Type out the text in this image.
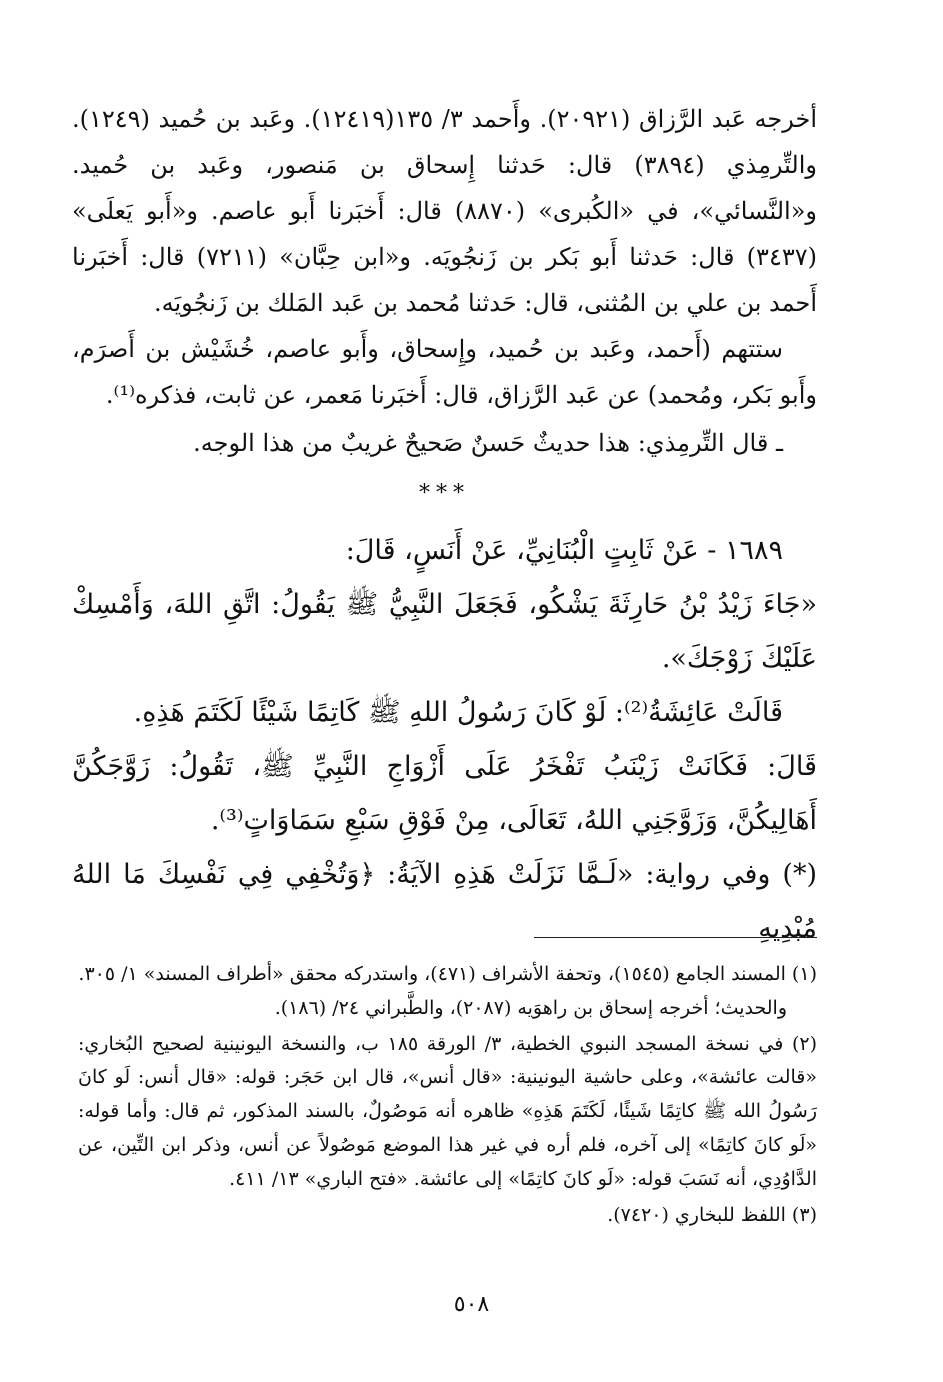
أخرجه عَبد الرَّزاق (٢٠٩٢١). وأَحمد ٣/ ١٣٥(١٢٤١٩). وعَبد بن حُميد (١٢٤٩). والتِّرمِذي (٣٨٩٤) قال: حَدثنا إِسحاق بن مَنصور، وعَبد بن حُميد. و«النَّسائي»، في «الكُبرى» (٨٨٧٠) قال: أَخبَرنا أَبو عاصم. و«أَبو يَعلَى» (٣٤٣٧) قال: حَدثنا أَبو بَكر بن زَنجُويَه. و«ابن حِبَّان» (٧٢١١) قال: أَخبَرنا أَحمد بن علي بن المُثنى، قال: حَدثنا مُحمد بن عَبد المَلك بن زَنجُويَه.

ستتهم (أَحمد، وعَبد بن حُميد، وإِسحاق، وأَبو عاصم، خُشَيْش بن أَصرَم، وأَبو بَكر، ومُحمد) عن عَبد الرَّزاق، قال: أَخبَرنا مَعمر، عن ثابت، فذكره⁽¹⁾.

ـ قال التِّرمِذي: هذا حديثٌ حَسنٌ صَحيحٌ غريبٌ من هذا الوجه.

***

١٦٨٩ - عَنْ ثَابِتٍ الْبُنَانِيِّ، عَنْ أَنَسٍ، قَالَ:

«جَاءَ زَيْدُ بْنُ حَارِثَةَ يَشْكُو، فَجَعَلَ النَّبِيُّ ﷺ يَقُولُ: اتَّقِ اللهَ، وَأَمْسِكْ عَلَيْكَ زَوْجَكَ».

قَالَتْ عَائِشَةُ⁽²⁾: لَوْ كَانَ رَسُولُ اللهِ ﷺ كَاتِمًا شَيْئًا لَكَتَمَ هَذِهِ.

قَالَ: فَكَانَتْ زَيْنَبُ تَفْخَرُ عَلَى أَزْوَاجِ النَّبِيِّ ﷺ، تَقُولُ: زَوَّجَكُنَّ أَهَالِيكُنَّ، وَزَوَّجَنِي اللهُ، تَعَالَى، مِنْ فَوْقِ سَبْعِ سَمَاوَاتٍ⁽³⁾.

(*) وفي رواية: «لَـمَّا نَزَلَتْ هَذِهِ الآيَةُ: ﴿وَتُخْفِي فِي نَفْسِكَ مَا اللهُ مُبْدِيهِ

(١) المسند الجامع (١٥٤٥)، وتحفة الأشراف (٤٧١)، واستدركه محقق «أطراف المسند» ١/ ٣٠٥.
والحديث؛ أخرجه إسحاق بن راهوَيه (٢٠٨٧)، والطَّبراني ٢٤/ (١٨٦).

(٢) في نسخة المسجد النبوي الخطية، ٣/ الورقة ١٨٥ ب، والنسخة اليونينية لصحيح البُخاري: «قالت عائشة»، وعلى حاشية اليونينية: «قال أنس»، قال ابن حَجَر: قوله: «قال أنس: لَو كانَ رَسُولُ الله ﷺ كاتِمًا شَيئًا، لَكَتَمَ هَذِهِ» ظاهره أنه مَوصُولٌ، بالسند المذكور، ثم قال: وأما قوله: «لَو كانَ كاتِمًا» إلى آخره، فلم أره في غير هذا الموضع مَوصُولاً عن أنس، وذكر ابن التِّين، عن الدَّاوُدِي، أنه نَسَبَ قوله: «لَو كانَ كاتِمًا» إلى عائشة. «فتح الباري» ١٣/ ٤١١.

(٣) اللفظ للبخاري (٧٤٢٠).

٥٠٨
